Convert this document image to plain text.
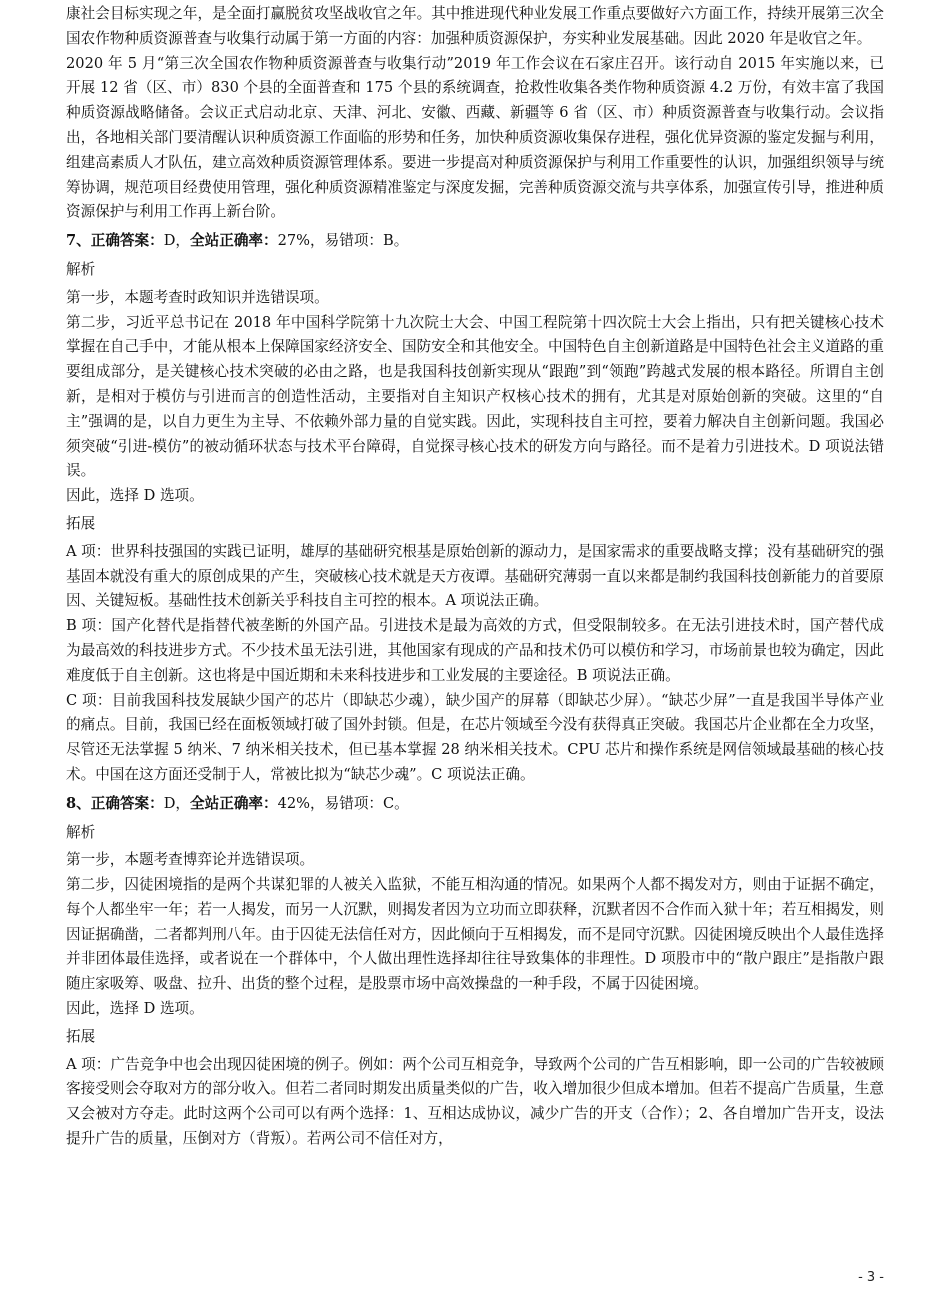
康社会目标实现之年，是全面打赢脱贫攻坚战收官之年。其中推进现代种业发展工作重点要做好六方面工作，持续开展第三次全国农作物种质资源普查与收集行动属于第一方面的内容：加强种质资源保护，夯实种业发展基础。因此 2020 年是收官之年。

2020 年 5 月“第三次全国农作物种质资源普查与收集行动”2019 年工作会议在石家庄召开。该行动自 2015 年实施以来，已开展 12 省（区、市）830 个县的全面普查和 175 个县的系统调查，抢救性收集各类作物种质资源 4.2 万份，有效丰富了我国种质资源战略储备。会议正式启动北京、天津、河北、安徽、西藏、新疆等 6 省（区、市）种质资源普查与收集行动。会议指出，各地相关部门要清醒认识种质资源工作面临的形势和任务，加快种质资源收集保存进程，强化优异资源的鉴定发掘与利用，组建高素质人才队伍，建立高效种质资源管理体系。要进一步提高对种质资源保护与利用工作重要性的认识，加强组织领导与统筹协调，规范项目经费使用管理，强化种质资源精准鉴定与深度发掘，完善种质资源交流与共享体系，加强宣传引导，推进种质资源保护与利用工作再上新台阶。

7、正确答案：D，全站正确率：27%，易错项：B。

解析

第一步，本题考查时政知识并选错误项。

第二步，习近平总书记在 2018 年中国科学院第十九次院士大会、中国工程院第十四次院士大会上指出，只有把关键核心技术掌握在自己手中，才能从根本上保障国家经济安全、国防安全和其他安全。中国特色自主创新道路是中国特色社会主义道路的重要组成部分，是关键核心技术突破的必由之路，也是我国科技创新实现从“跟跑”到“领跑”跨越式发展的根本路径。所谓自主创新，是相对于模仿与引进而言的创造性活动，主要指对自主知识产权核心技术的拥有，尤其是对原始创新的突破。这里的“自主”强调的是，以自力更生为主导、不依赖外部力量的自觉实践。因此，实现科技自主可控，要着力解决自主创新问题。我国必须突破“引进-模仿”的被动循环状态与技术平台障碍，自觉探寻核心技术的研发方向与路径。而不是着力引进技术。D 项说法错误。

因此，选择 D 选项。

拓展

A 项：世界科技强国的实践已证明，雄厚的基础研究根基是原始创新的源动力，是国家需求的重要战略支撑；没有基础研究的强基固本就没有重大的原创成果的产生，突破核心技术就是天方夜谭。基础研究薄弱一直以来都是制约我国科技创新能力的首要原因、关键短板。基础性技术创新关乎科技自主可控的根本。A 项说法正确。

B 项：国产化替代是指替代被垄断的外国产品。引进技术是最为高效的方式，但受限制较多。在无法引进技术时，国产替代成为最高效的科技进步方式。不少技术虽无法引进，其他国家有现成的产品和技术仍可以模仿和学习，市场前景也较为确定，因此难度低于自主创新。这也将是中国近期和未来科技进步和工业发展的主要途径。B 项说法正确。

C 项：目前我国科技发展缺少国产的芯片（即缺芯少魂），缺少国产的屏幕（即缺芯少屏）。“缺芯少屏”一直是我国半导体产业的痛点。目前，我国已经在面板领域打破了国外封锁。但是，在芯片领域至今没有获得真正突破。我国芯片企业都在全力攻坚，尽管还无法掌握 5 纳米、7 纳米相关技术，但已基本掌握 28 纳米相关技术。CPU 芯片和操作系统是网信领域最基础的核心技术。中国在这方面还受制于人，常被比拟为“缺芯少魂”。C 项说法正确。

8、正确答案：D，全站正确率：42%，易错项：C。

解析

第一步，本题考查博弈论并选错误项。

第二步，囚徒困境指的是两个共谋犯罪的人被关入监狱，不能互相沟通的情况。如果两个人都不揭发对方，则由于证据不确定，每个人都坐牢一年；若一人揭发，而另一人沉默，则揭发者因为立功而立即获释，沉默者因不合作而入狱十年；若互相揭发，则因证据确凿，二者都判刑八年。由于囚徒无法信任对方，因此倾向于互相揭发，而不是同守沉默。囚徒困境反映出个人最佳选择并非团体最佳选择，或者说在一个群体中，个人做出理性选择却往往导致集体的非理性。D 项股市中的“散户跟庄”是指散户跟随庄家吸筹、吸盘、拉升、出货的整个过程，是股票市场中高效操盘的一种手段，不属于囚徒困境。

因此，选择 D 选项。

拓展

A 项：广告竞争中也会出现囚徒困境的例子。例如：两个公司互相竞争，导致两个公司的广告互相影响，即一公司的广告较被顾客接受则会夺取对方的部分收入。但若二者同时期发出质量类似的广告，收入增加很少但成本增加。但若不提高广告质量，生意又会被对方夺走。此时这两个公司可以有两个选择：1、互相达成协议，减少广告的开支（合作）；2、各自增加广告开支，设法提升广告的质量，压倒对方（背叛）。若两公司不信任对方，

- 3 -
